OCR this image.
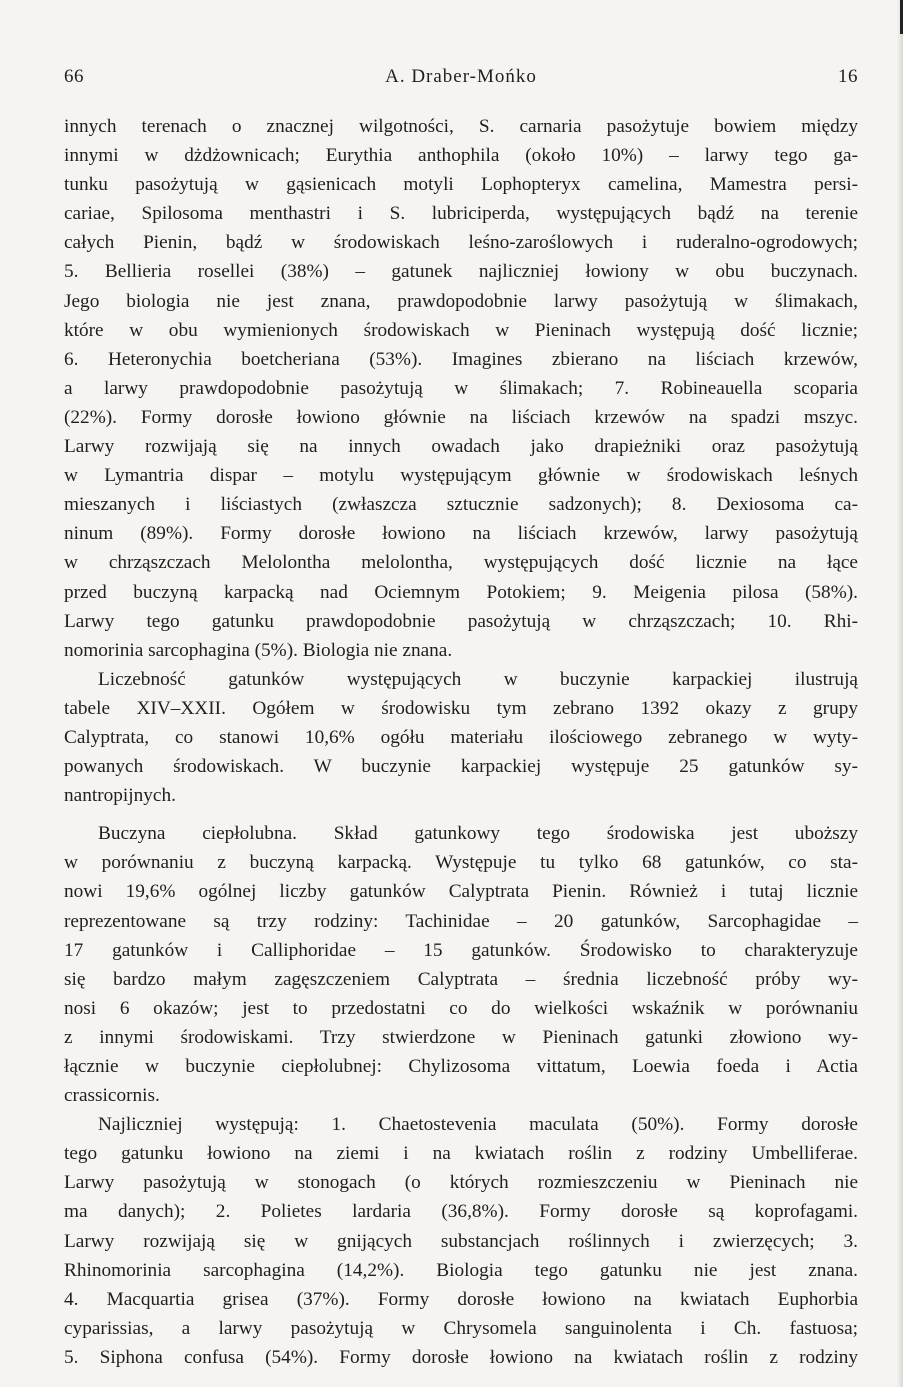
66	A. Draber-Mońko	16
innych terenach o znacznej wilgotności, S. carnaria pasożytuje bowiem między
innymi w dżdżownicach; Eurythia anthophila (około 10%) – larwy tego ga-
tunku pasożytują w gąsienicach motyli Lophopteryx camelina, Mamestra persi-
cariae, Spilosoma menthastri i S. lubriciperda, występujących bądź na terenie
całych Pienin, bądź w środowiskach leśno-zaroślowych i ruderalno-ogrodowych;
5. Bellieria rosellei (38%) – gatunek najliczniej łowiony w obu buczynach.
Jego biologia nie jest znana, prawdopodobnie larwy pasożytują w ślimakach,
które w obu wymienionych środowiskach w Pieninach występują dość licznie;
6. Heteronychia boetcheriana (53%). Imagines zbierano na liściach krzewów,
a larwy prawdopodobnie pasożytują w ślimakach; 7. Robineauella scoparia
(22%). Formy dorosłe łowiono głównie na liściach krzewów na spadzi mszyc.
Larwy rozwijają się na innych owadach jako drapieżniki oraz pasożytują
w Lymantria dispar – motylu występującym głównie w środowiskach leśnych
mieszanych i liściastych (zwłaszcza sztucznie sadzonych); 8. Dexiosoma ca-
ninum (89%). Formy dorosłe łowiono na liściach krzewów, larwy pasożytują
w chrząszczach Melolontha melolontha, występujących dość licznie na łące
przed buczyną karpacką nad Ociemnym Potokiem; 9. Meigenia pilosa (58%).
Larwy tego gatunku prawdopodobnie pasożytują w chrząszczach; 10. Rhi-
nomorinia sarcophagina (5%). Biologia nie znana.
Liczebność gatunków występujących w buczynie karpackiej ilustrują
tabele XIV–XXII. Ogółem w środowisku tym zebrano 1392 okazy z grupy
Calyptrata, co stanowi 10,6% ogółu materiału ilościowego zebranego w wyty-
powanych środowiskach. W buczynie karpackiej występuje 25 gatunków sy-
nantropijnych.
Buczyna ciepłolubna. Skład gatunkowy tego środowiska jest uboższy
w porównaniu z buczyną karpacką. Występuje tu tylko 68 gatunków, co sta-
nowi 19,6% ogólnej liczby gatunków Calyptrata Pienin. Również i tutaj licznie
reprezentowane są trzy rodziny: Tachinidae – 20 gatunków, Sarcophagidae –
17 gatunków i Calliphoridae – 15 gatunków. Środowisko to charakteryzuje
się bardzo małym zagęszczeniem Calyptrata – średnia liczebność próby wy-
nosi 6 okazów; jest to przedostatni co do wielkości wskaźnik w porównaniu
z innymi środowiskami. Trzy stwierdzone w Pieninach gatunki złowiono wy-
łącznie w buczynie ciepłolubnej: Chylizosoma vittatum, Loewia foeda i Actia
crassicornis.
Najliczniej występują: 1. Chaetostevenia maculata (50%). Formy dorosłe
tego gatunku łowiono na ziemi i na kwiatach roślin z rodziny Umbelliferae.
Larwy pasożytują w stonogach (o których rozmieszczeniu w Pieninach nie
ma danych); 2. Polietes lardaria (36,8%). Formy dorosłe są koprofagami.
Larwy rozwijają się w gnijących substancjach roślinnych i zwierzęcych; 3.
Rhinomorinia sarcophagina (14,2%). Biologia tego gatunku nie jest znana.
4. Macquartia grisea (37%). Formy dorosłe łowiono na kwiatach Euphorbia
cyparissias, a larwy pasożytują w Chrysomela sanguinolenta i Ch. fastuosa;
5. Siphona confusa (54%). Formy dorosłe łowiono na kwiatach roślin z rodziny
